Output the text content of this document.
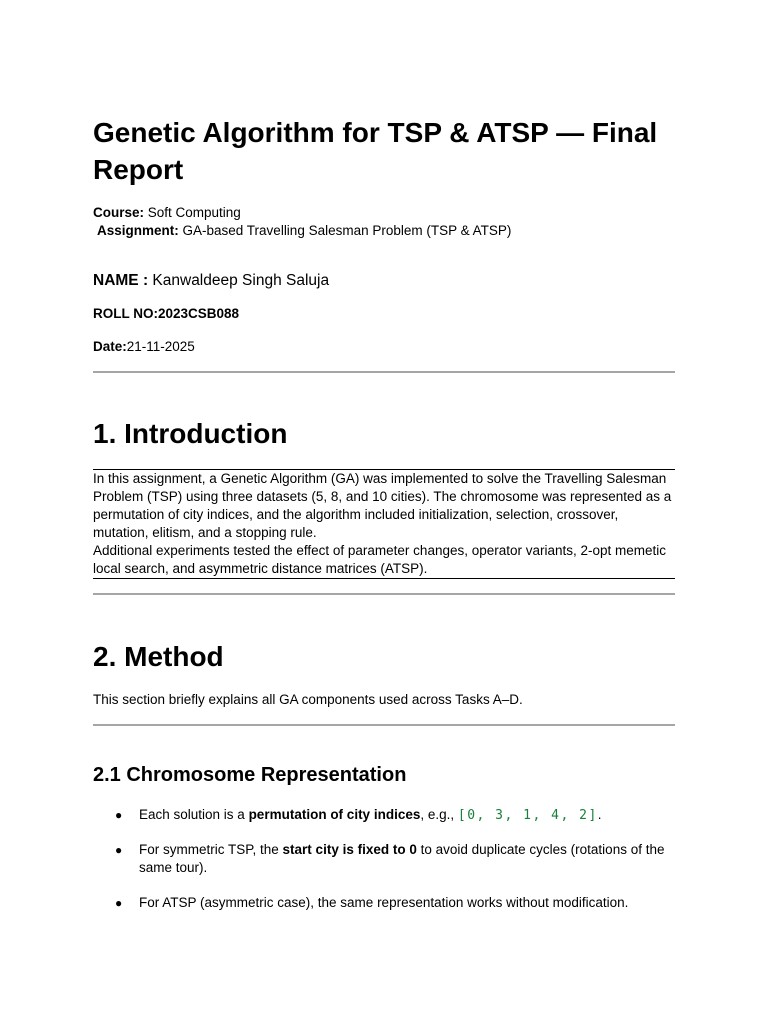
Genetic Algorithm for TSP & ATSP — Final Report
Course: Soft Computing
Assignment: GA-based Travelling Salesman Problem (TSP & ATSP)
NAME : Kanwaldeep Singh Saluja
ROLL NO:2023CSB088
Date:21-11-2025
1. Introduction

In this assignment, a Genetic Algorithm (GA) was implemented to solve the Travelling Salesman Problem (TSP) using three datasets (5, 8, and 10 cities). The chromosome was represented as a permutation of city indices, and the algorithm included initialization, selection, crossover, mutation, elitism, and a stopping rule.

Additional experiments tested the effect of parameter changes, operator variants, 2-opt memetic local search, and asymmetric distance matrices (ATSP).

2. Method
This section briefly explains all GA components used across Tasks A–D.
2.1 Chromosome Representation
● Each solution is a permutation of city indices, e.g., [0, 3, 1, 4, 2].
● For symmetric TSP, the start city is fixed to 0 to avoid duplicate cycles (rotations of the same tour).
● For ATSP (asymmetric case), the same representation works without modification.
